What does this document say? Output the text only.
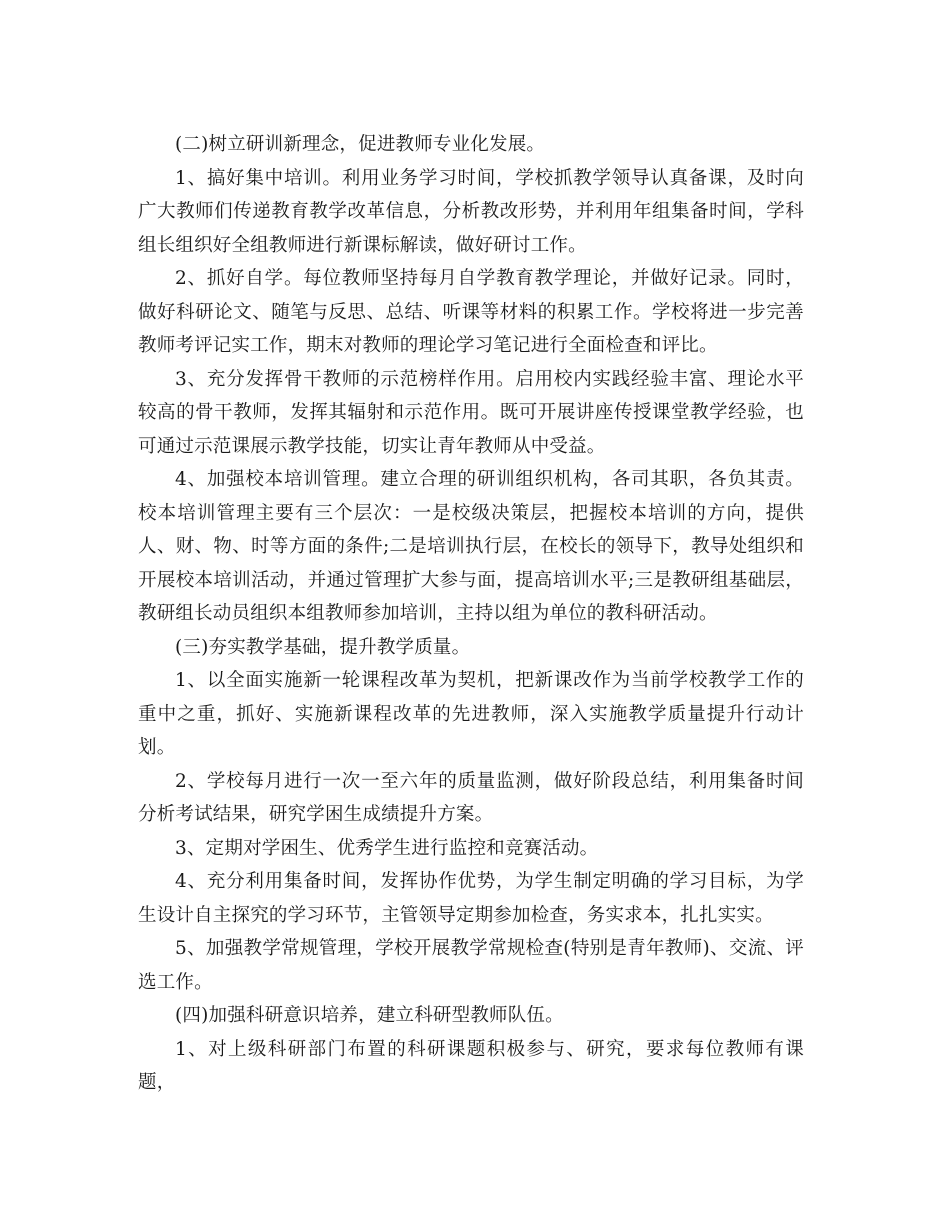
(二)树立研训新理念，促进教师专业化发展。

1、搞好集中培训。利用业务学习时间，学校抓教学领导认真备课，及时向广大教师们传递教育教学改革信息，分析教改形势，并利用年组集备时间，学科组长组织好全组教师进行新课标解读，做好研讨工作。

2、抓好自学。每位教师坚持每月自学教育教学理论，并做好记录。同时，做好科研论文、随笔与反思、总结、听课等材料的积累工作。学校将进一步完善教师考评记实工作，期末对教师的理论学习笔记进行全面检查和评比。

3、充分发挥骨干教师的示范榜样作用。启用校内实践经验丰富、理论水平较高的骨干教师，发挥其辐射和示范作用。既可开展讲座传授课堂教学经验，也可通过示范课展示教学技能，切实让青年教师从中受益。

4、加强校本培训管理。建立合理的研训组织机构，各司其职，各负其责。校本培训管理主要有三个层次：一是校级决策层，把握校本培训的方向，提供人、财、物、时等方面的条件;二是培训执行层，在校长的领导下，教导处组织和开展校本培训活动，并通过管理扩大参与面，提高培训水平;三是教研组基础层，教研组长动员组织本组教师参加培训，主持以组为单位的教科研活动。

(三)夯实教学基础，提升教学质量。

1、以全面实施新一轮课程改革为契机，把新课改作为当前学校教学工作的重中之重，抓好、实施新课程改革的先进教师，深入实施教学质量提升行动计划。

2、学校每月进行一次一至六年的质量监测，做好阶段总结，利用集备时间分析考试结果，研究学困生成绩提升方案。

3、定期对学困生、优秀学生进行监控和竞赛活动。

4、充分利用集备时间，发挥协作优势，为学生制定明确的学习目标，为学生设计自主探究的学习环节，主管领导定期参加检查，务实求本，扎扎实实。

5、加强教学常规管理，学校开展教学常规检查(特别是青年教师)、交流、评选工作。

(四)加强科研意识培养，建立科研型教师队伍。

1、对上级科研部门布置的科研课题积极参与、研究，要求每位教师有课题，
